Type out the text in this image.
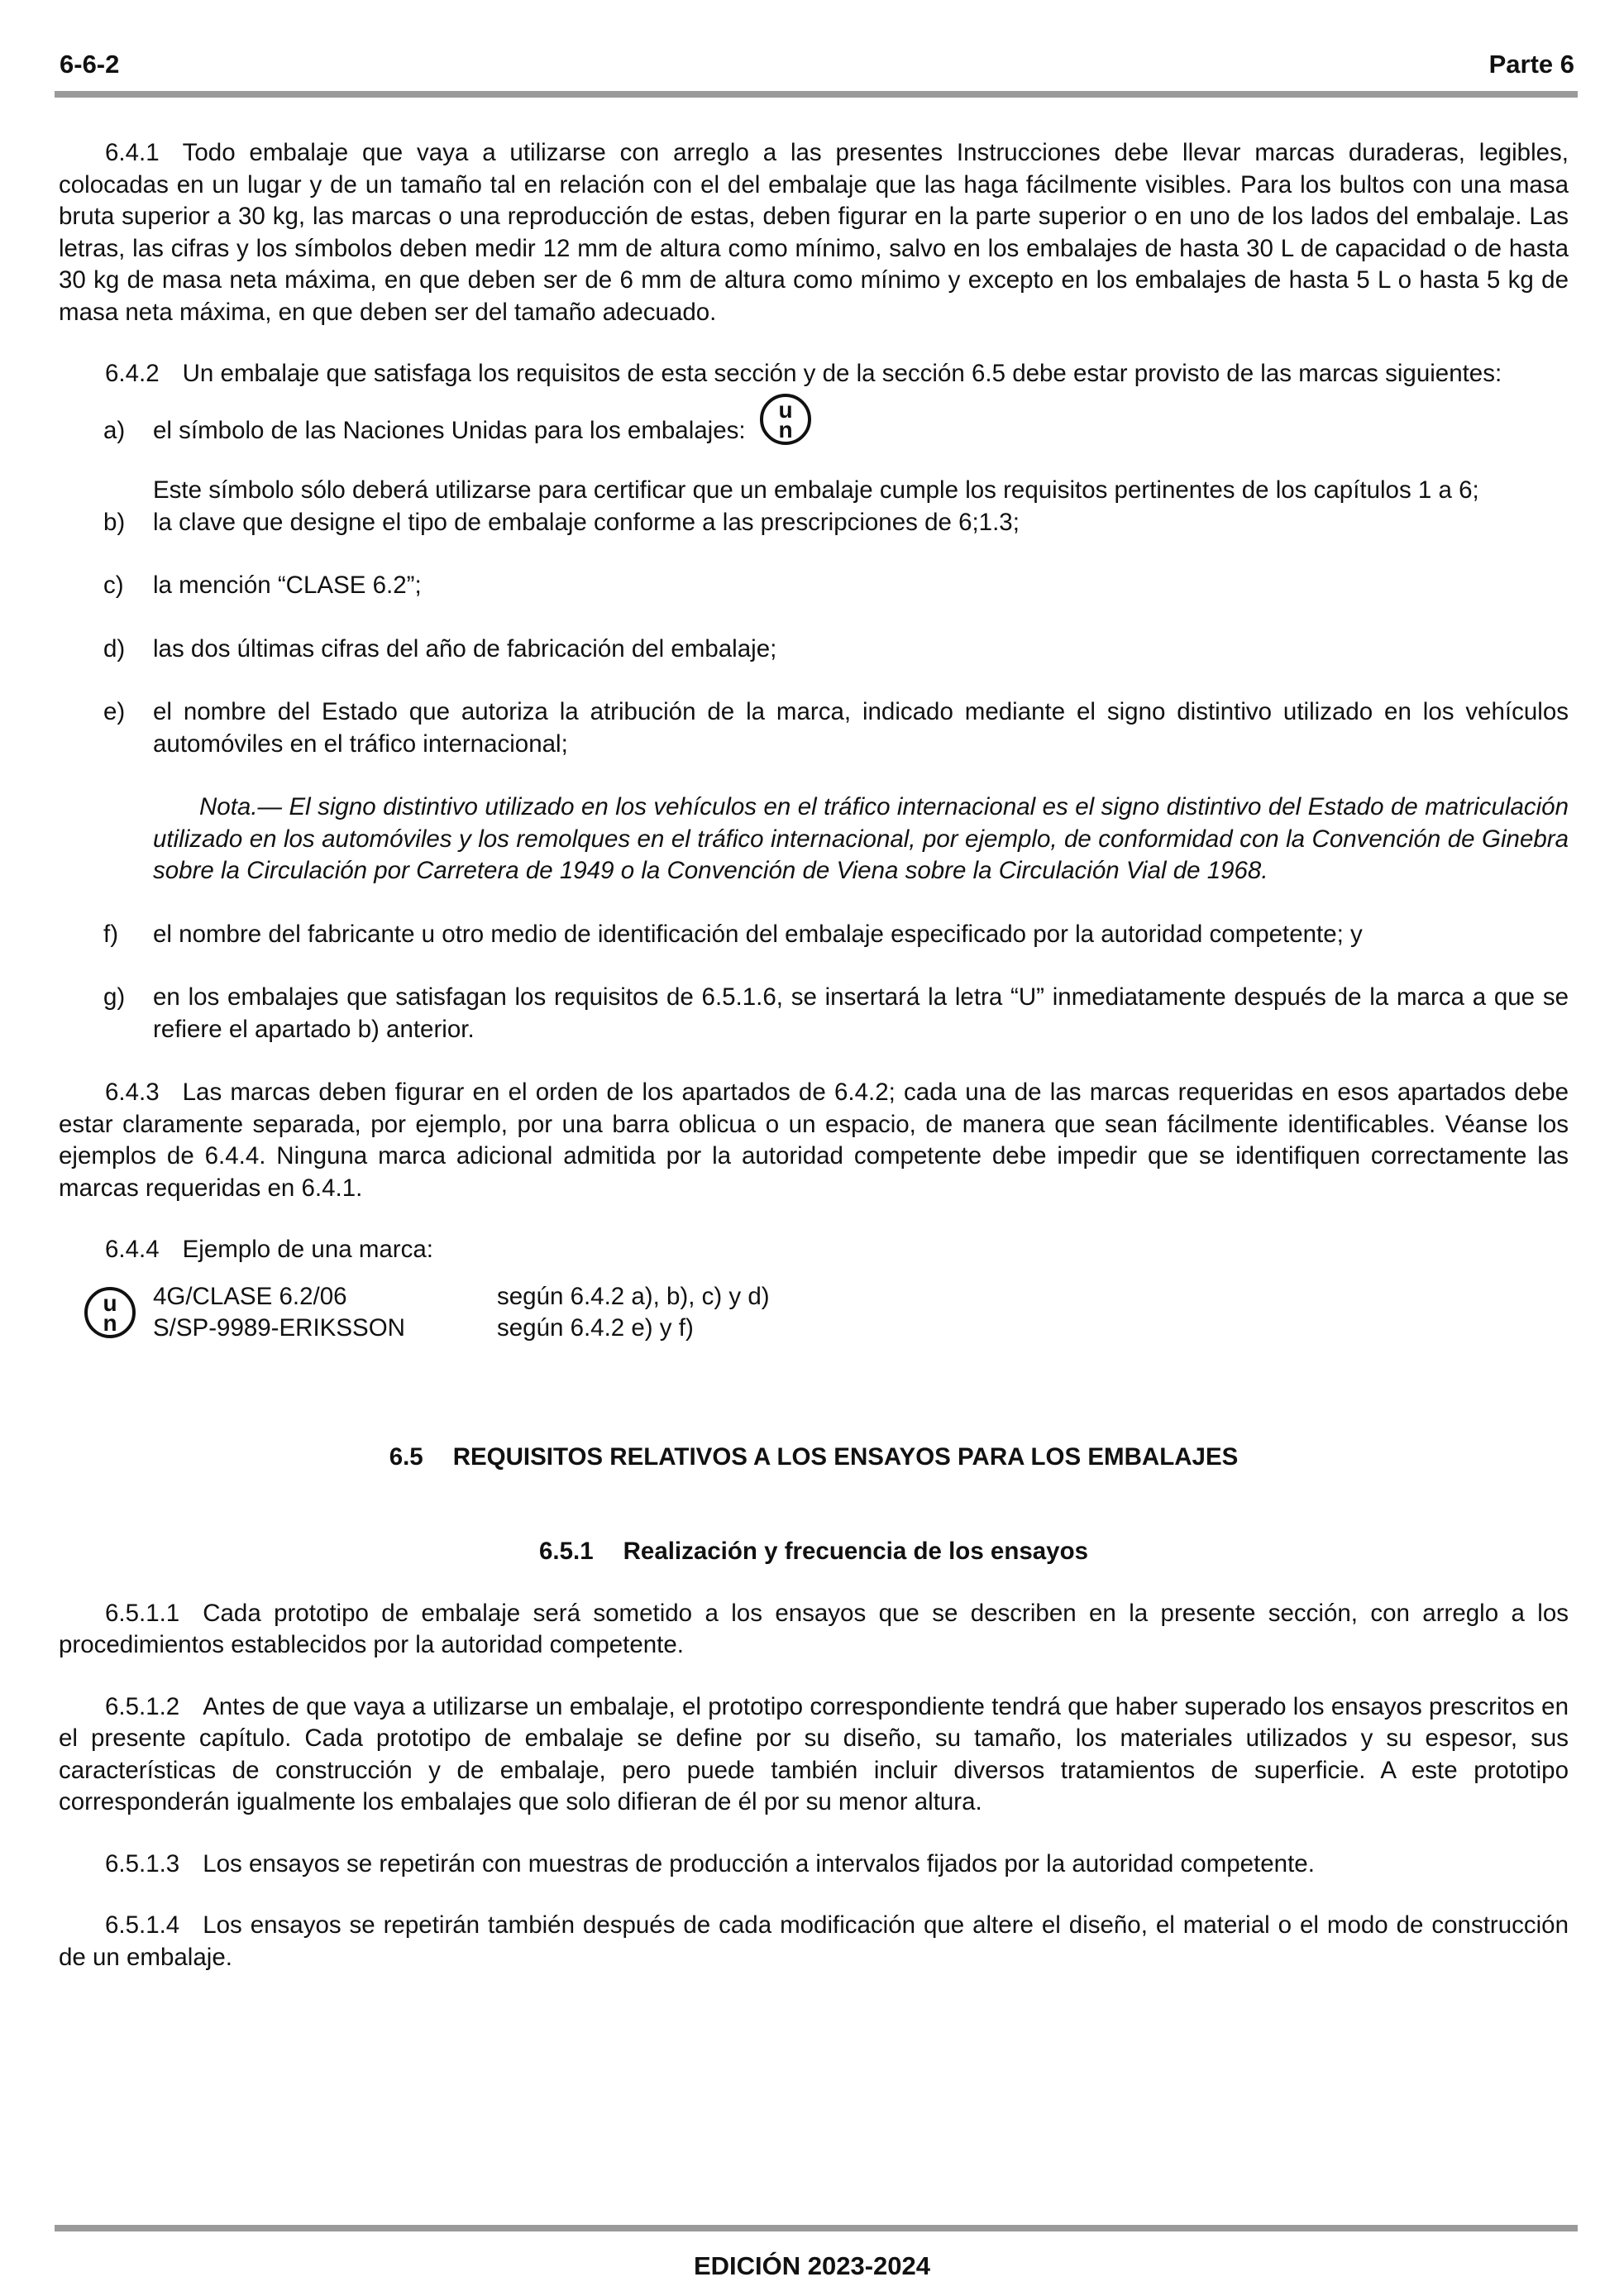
6-6-2	Parte 6

6.4.1 Todo embalaje que vaya a utilizarse con arreglo a las presentes Instrucciones debe llevar marcas duraderas, legibles, colocadas en un lugar y de un tamaño tal en relación con el del embalaje que las haga fácilmente visibles. Para los bultos con una masa bruta superior a 30 kg, las marcas o una reproducción de estas, deben figurar en la parte superior o en uno de los lados del embalaje. Las letras, las cifras y los símbolos deben medir 12 mm de altura como mínimo, salvo en los embalajes de hasta 30 L de capacidad o de hasta 30 kg de masa neta máxima, en que deben ser de 6 mm de altura como mínimo y excepto en los embalajes de hasta 5 L o hasta 5 kg de masa neta máxima, en que deben ser del tamaño adecuado.

6.4.2 Un embalaje que satisfaga los requisitos de esta sección y de la sección 6.5 debe estar provisto de las marcas siguientes:

a) el símbolo de las Naciones Unidas para los embalajes:
u
n

Este símbolo sólo deberá utilizarse para certificar que un embalaje cumple los requisitos pertinentes de los capítulos 1 a 6;

b) la clave que designe el tipo de embalaje conforme a las prescripciones de 6;1.3;

c) la mención “CLASE 6.2”;

d) las dos últimas cifras del año de fabricación del embalaje;

e) el nombre del Estado que autoriza la atribución de la marca, indicado mediante el signo distintivo utilizado en los vehículos automóviles en el tráfico internacional;

Nota.— El signo distintivo utilizado en los vehículos en el tráfico internacional es el signo distintivo del Estado de matriculación utilizado en los automóviles y los remolques en el tráfico internacional, por ejemplo, de conformidad con la Convención de Ginebra sobre la Circulación por Carretera de 1949 o la Convención de Viena sobre la Circulación Vial de 1968.

f) el nombre del fabricante u otro medio de identificación del embalaje especificado por la autoridad competente; y

g) en los embalajes que satisfagan los requisitos de 6.5.1.6, se insertará la letra “U” inmediatamente después de la marca a que se refiere el apartado b) anterior.

6.4.3 Las marcas deben figurar en el orden de los apartados de 6.4.2; cada una de las marcas requeridas en esos apartados debe estar claramente separada, por ejemplo, por una barra oblicua o un espacio, de manera que sean fácilmente identificables. Véanse los ejemplos de 6.4.4. Ninguna marca adicional admitida por la autoridad competente debe impedir que se identifiquen correctamente las marcas requeridas en 6.4.1.

6.4.4 Ejemplo de una marca:

u
n
4G/CLASE 6.2/06
S/SP-9989-ERIKSSON
según 6.4.2 a), b), c) y d)
según 6.4.2 e) y f)
6.5 REQUISITOS RELATIVOS A LOS ENSAYOS PARA LOS EMBALAJES
6.5.1 Realización y frecuencia de los ensayos

6.5.1.1 Cada prototipo de embalaje será sometido a los ensayos que se describen en la presente sección, con arreglo a los procedimientos establecidos por la autoridad competente.

6.5.1.2 Antes de que vaya a utilizarse un embalaje, el prototipo correspondiente tendrá que haber superado los ensayos prescritos en el presente capítulo. Cada prototipo de embalaje se define por su diseño, su tamaño, los materiales utilizados y su espesor, sus características de construcción y de embalaje, pero puede también incluir diversos tratamientos de superficie. A este prototipo corresponderán igualmente los embalajes que solo difieran de él por su menor altura.

6.5.1.3 Los ensayos se repetirán con muestras de producción a intervalos fijados por la autoridad competente.

6.5.1.4 Los ensayos se repetirán también después de cada modificación que altere el diseño, el material o el modo de construcción de un embalaje.

EDICIÓN 2023-2024
